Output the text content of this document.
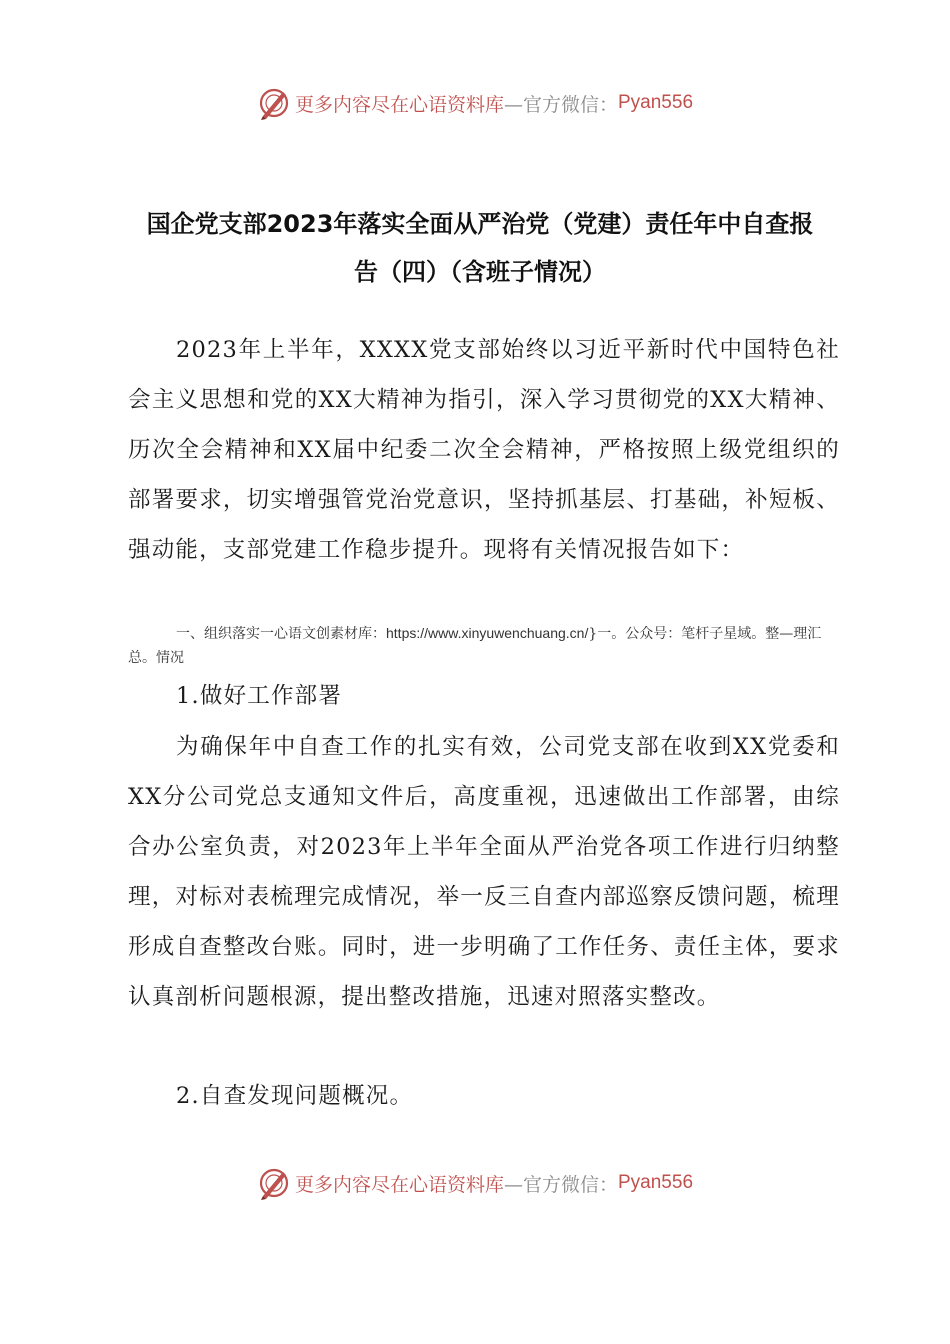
更多内容尽在心语资料库 —官方微信： Pyan556
国企党支部2023年落实全面从严治党（党建）责任年中自查报
告（四）（含班子情况）
2023年上半年，XXXX党支部始终以习近平新时代中国特色社会主义思想和党的XX大精神为指引，深入学习贯彻党的XX大精神、历次全会精神和XX届中纪委二次全会精神，严格按照上级党组织的部署要求，切实增强管党治党意识，坚持抓基层、打基础，补短板、强动能，支部党建工作稳步提升。现将有关情况报告如下：
一、组织落实一心语文创素材库：https://www.xinyuwenchuang.cn/}一。公众号：笔杆子星域。整—理汇总。情况
1.做好工作部署
为确保年中自查工作的扎实有效，公司党支部在收到XX党委和XX分公司党总支通知文件后，高度重视，迅速做出工作部署，由综合办公室负责，对2023年上半年全面从严治党各项工作进行归纳整理，对标对表梳理完成情况，举一反三自查内部巡察反馈问题，梳理形成自查整改台账。同时，进一步明确了工作任务、责任主体，要求认真剖析问题根源，提出整改措施，迅速对照落实整改。
2.自查发现问题概况。
更多内容尽在心语资料库 —官方微信： Pyan556
